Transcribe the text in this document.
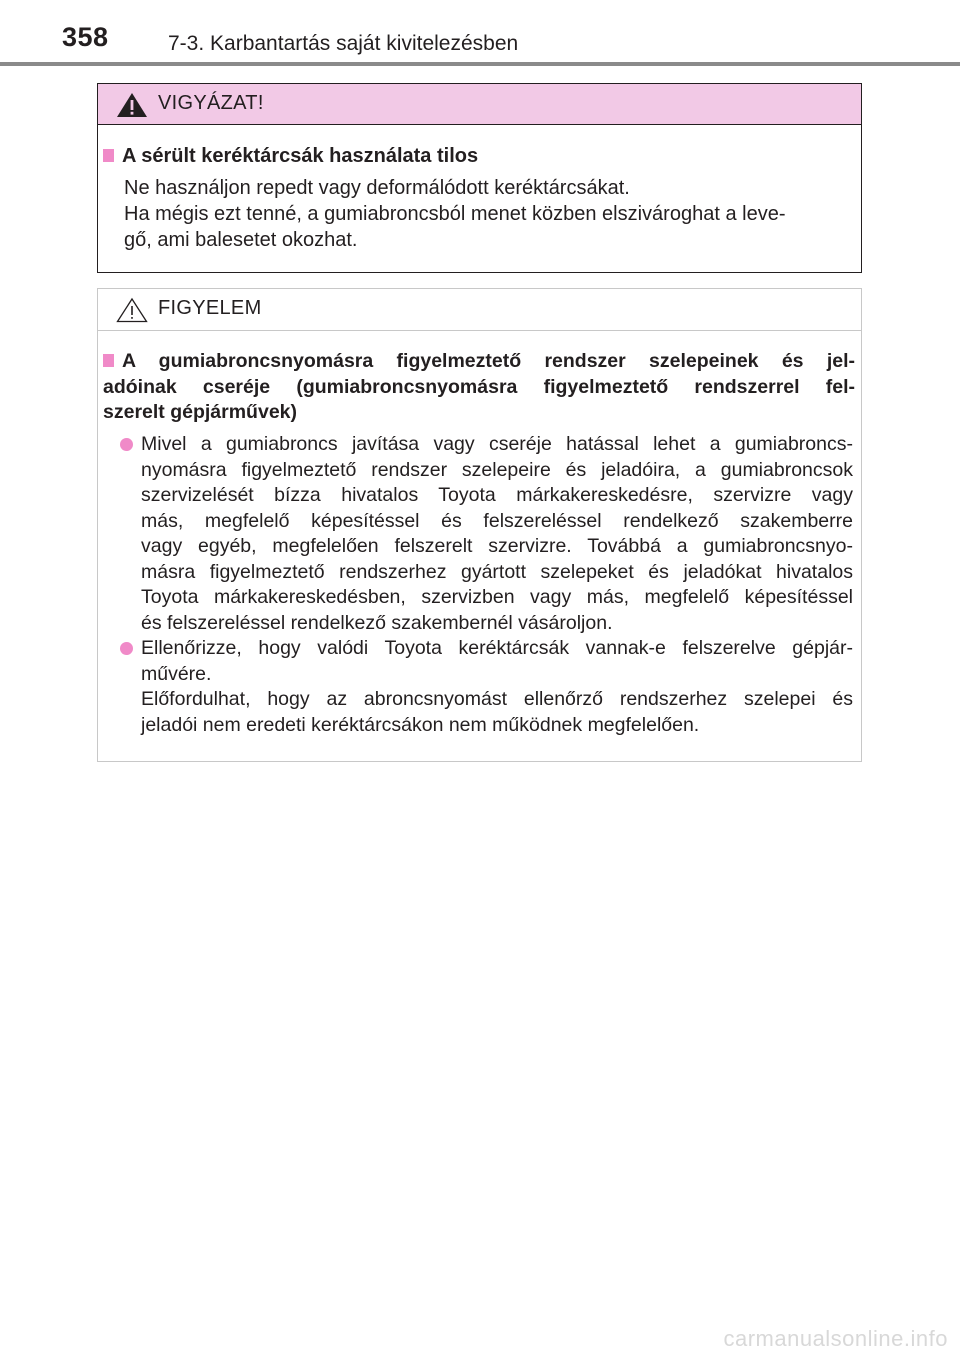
358	7-3. Karbantartás saját kivitelezésben
VIGYÁZAT!
A sérült keréktárcsák használata tilos
Ne használjon repedt vagy deformálódott keréktárcsákat.
Ha mégis ezt tenné, a gumiabroncsból menet közben elszivároghat a leve-
gő, ami balesetet okozhat.
FIGYELEM
A gumiabroncsnyomásra figyelmeztető rendszer szelepeinek és jel-
adóinak cseréje (gumiabroncsnyomásra figyelmeztető rendszerrel fel-
szerelt gépjárművek)
Mivel a gumiabroncs javítása vagy cseréje hatással lehet a gumiabroncs-
nyomásra figyelmeztető rendszer szelepeire és jeladóira, a gumiabroncsok
szervizelését bízza hivatalos Toyota márkakereskedésre, szervizre vagy
más, megfelelő képesítéssel és felszereléssel rendelkező szakemberre
vagy egyéb, megfelelően felszerelt szervizre. Továbbá a gumiabroncsnyo-
másra figyelmeztető rendszerhez gyártott szelepeket és jeladókat hivatalos
Toyota márkakereskedésben, szervizben vagy más, megfelelő képesítéssel
és felszereléssel rendelkező szakembernél vásároljon.
Ellenőrizze, hogy valódi Toyota keréktárcsák vannak-e felszerelve gépjár-
művére.
Előfordulhat, hogy az abroncsnyomást ellenőrző rendszerhez szelepei és
jeladói nem eredeti keréktárcsákon nem működnek megfelelően.
carmanualsonline.info
